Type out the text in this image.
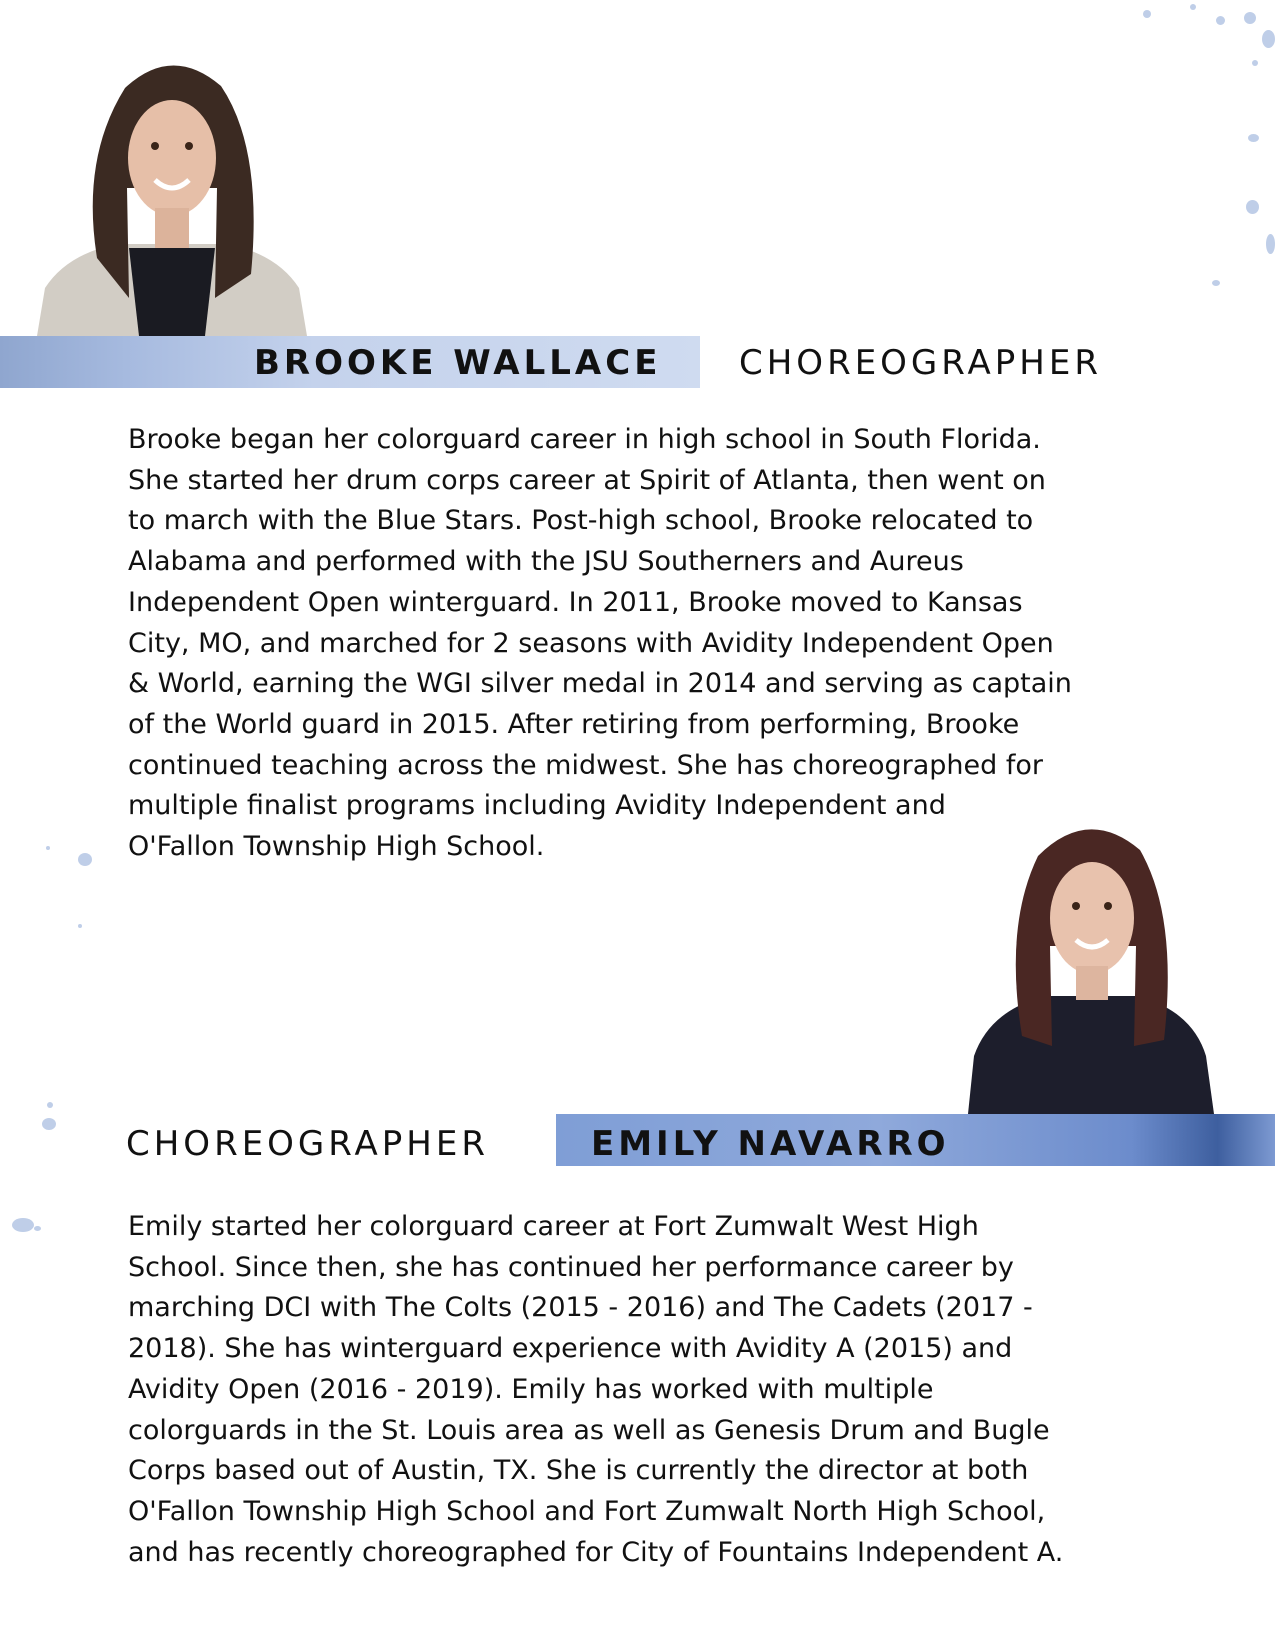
BROOKE WALLACE CHOREOGRAPHER

Brooke began her colorguard career in high school in South Florida.
She started her drum corps career at Spirit of Atlanta, then went on
to march with the Blue Stars. Post-high school, Brooke relocated to
Alabama and performed with the JSU Southerners and Aureus
Independent Open winterguard. In 2011, Brooke moved to Kansas
City, MO, and marched for 2 seasons with Avidity Independent Open
& World, earning the WGI silver medal in 2014 and serving as captain
of the World guard in 2015. After retiring from performing, Brooke
continued teaching across the midwest. She has choreographed for
multiple finalist programs including Avidity Independent and
O'Fallon Township High School.

CHOREOGRAPHER	EMILY NAVARRO

Emily started her colorguard career at Fort Zumwalt West High
School. Since then, she has continued her performance career by
marching DCI with The Colts (2015 - 2016) and The Cadets (2017 -
2018). She has winterguard experience with Avidity A (2015) and
Avidity Open (2016 - 2019). Emily has worked with multiple
colorguards in the St. Louis area as well as Genesis Drum and Bugle
Corps based out of Austin, TX. She is currently the director at both
O'Fallon Township High School and Fort Zumwalt North High School,
and has recently choreographed for City of Fountains Independent A.
